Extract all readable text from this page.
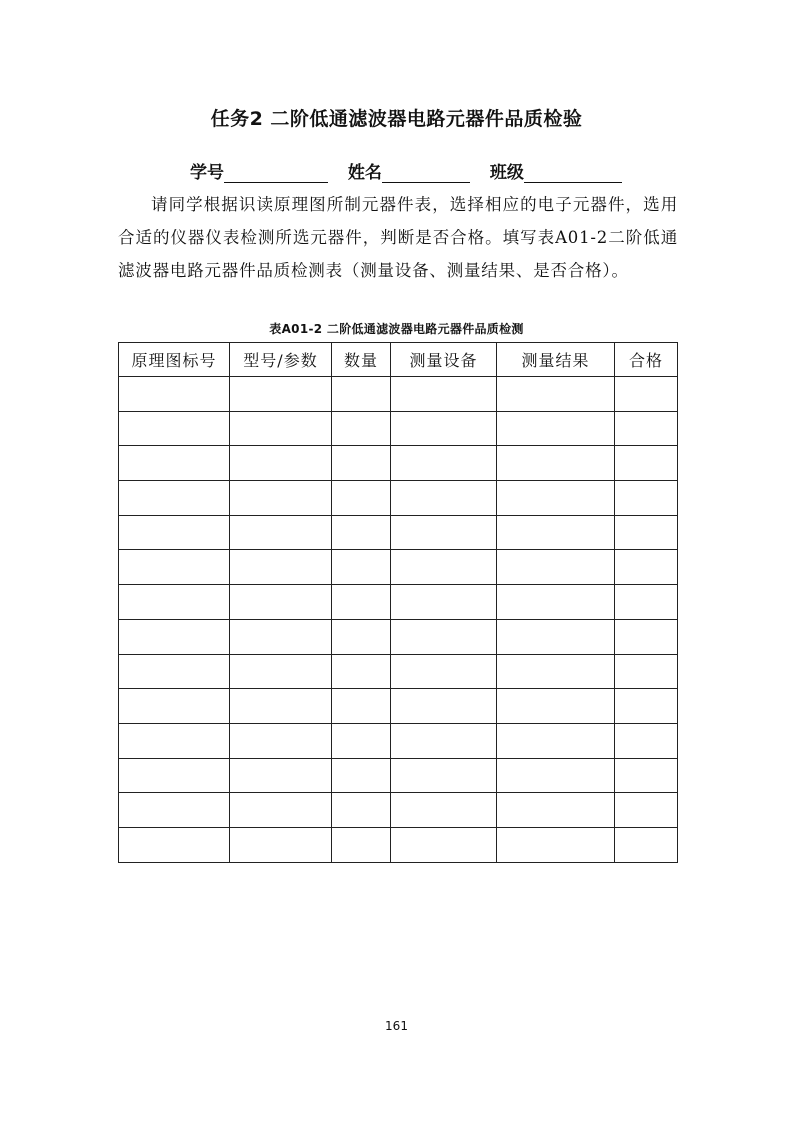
任务2 二阶低通滤波器电路元器件品质检验
学号	姓名	班级
请同学根据识读原理图所制元器件表，选择相应的电子元器件，选用合适的仪器仪表检测所选元器件，判断是否合格。填写表A01-2二阶低通滤波器电路元器件品质检测表（测量设备、测量结果、是否合格）。
表A01-2 二阶低通滤波器电路元器件品质检测
原理图标号	型号/参数	数量	测量设备	测量结果	合格

161
